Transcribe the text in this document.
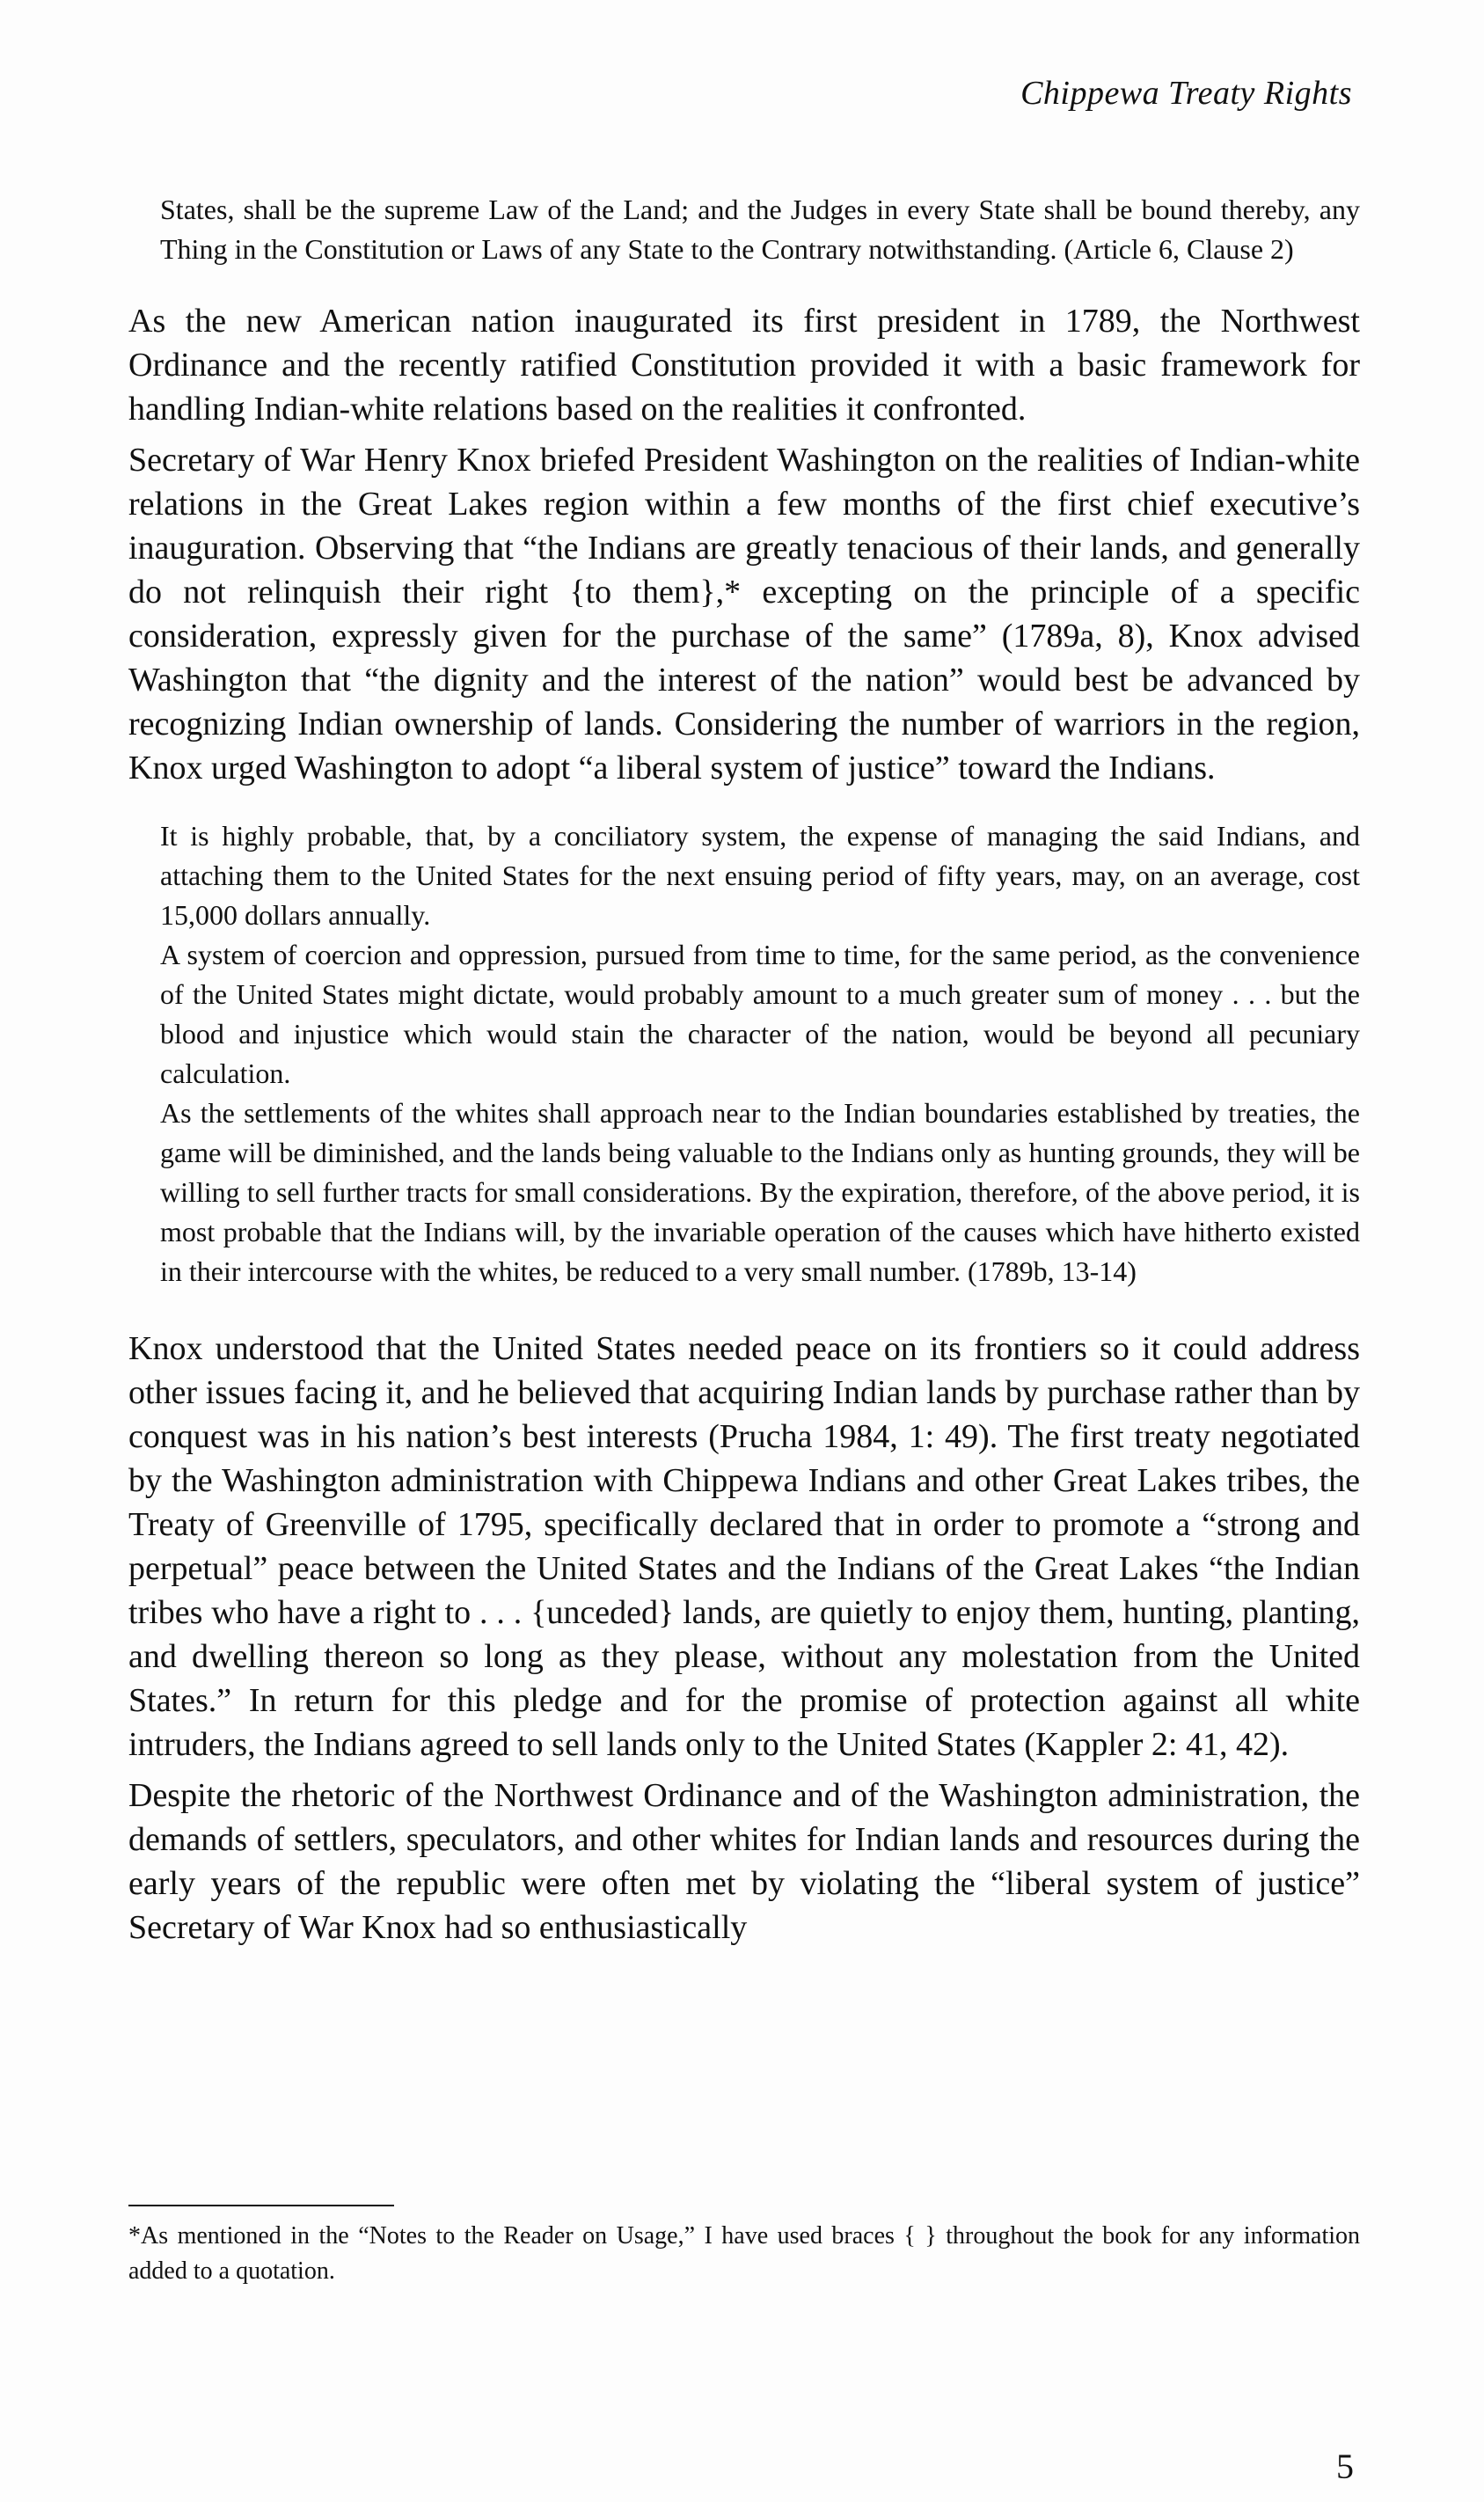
Chippewa Treaty Rights

States, shall be the supreme Law of the Land; and the Judges in every State shall be bound thereby, any Thing in the Constitution or Laws of any State to the Contrary notwithstanding. (Article 6, Clause 2)

As the new American nation inaugurated its first president in 1789, the Northwest Ordinance and the recently ratified Constitution provided it with a basic framework for handling Indian-white relations based on the realities it confronted.

Secretary of War Henry Knox briefed President Washington on the realities of Indian-white relations in the Great Lakes region within a few months of the first chief executive’s inauguration. Observing that “the Indians are greatly tenacious of their lands, and generally do not relinquish their right {to them},* excepting on the principle of a specific consideration, expressly given for the purchase of the same” (1789a, 8), Knox advised Washington that “the dignity and the interest of the nation” would best be advanced by recognizing Indian ownership of lands. Considering the number of warriors in the region, Knox urged Washington to adopt “a liberal system of justice” toward the Indians.

It is highly probable, that, by a conciliatory system, the expense of managing the said Indians, and attaching them to the United States for the next ensuing period of fifty years, may, on an average, cost 15,000 dollars annually.

A system of coercion and oppression, pursued from time to time, for the same period, as the convenience of the United States might dictate, would probably amount to a much greater sum of money . . . but the blood and injustice which would stain the character of the nation, would be beyond all pecuniary calculation.

As the settlements of the whites shall approach near to the Indian boundaries established by treaties, the game will be diminished, and the lands being valuable to the Indians only as hunting grounds, they will be willing to sell further tracts for small considerations. By the expiration, therefore, of the above period, it is most probable that the Indians will, by the invariable operation of the causes which have hitherto existed in their intercourse with the whites, be reduced to a very small number. (1789b, 13-14)

Knox understood that the United States needed peace on its frontiers so it could address other issues facing it, and he believed that acquiring Indian lands by purchase rather than by conquest was in his nation’s best interests (Prucha 1984, 1: 49). The first treaty negotiated by the Washington administration with Chippewa Indians and other Great Lakes tribes, the Treaty of Greenville of 1795, specifically declared that in order to promote a “strong and perpetual” peace between the United States and the Indians of the Great Lakes “the Indian tribes who have a right to . . . {unceded} lands, are quietly to enjoy them, hunting, planting, and dwelling thereon so long as they please, without any molestation from the United States.” In return for this pledge and for the promise of protection against all white intruders, the Indians agreed to sell lands only to the United States (Kappler 2: 41, 42).

Despite the rhetoric of the Northwest Ordinance and of the Washington administration, the demands of settlers, speculators, and other whites for Indian lands and resources during the early years of the republic were often met by violating the “liberal system of justice” Secretary of War Knox had so enthusiastically

*As mentioned in the “Notes to the Reader on Usage,” I have used braces { } throughout the book for any information added to a quotation.
5
